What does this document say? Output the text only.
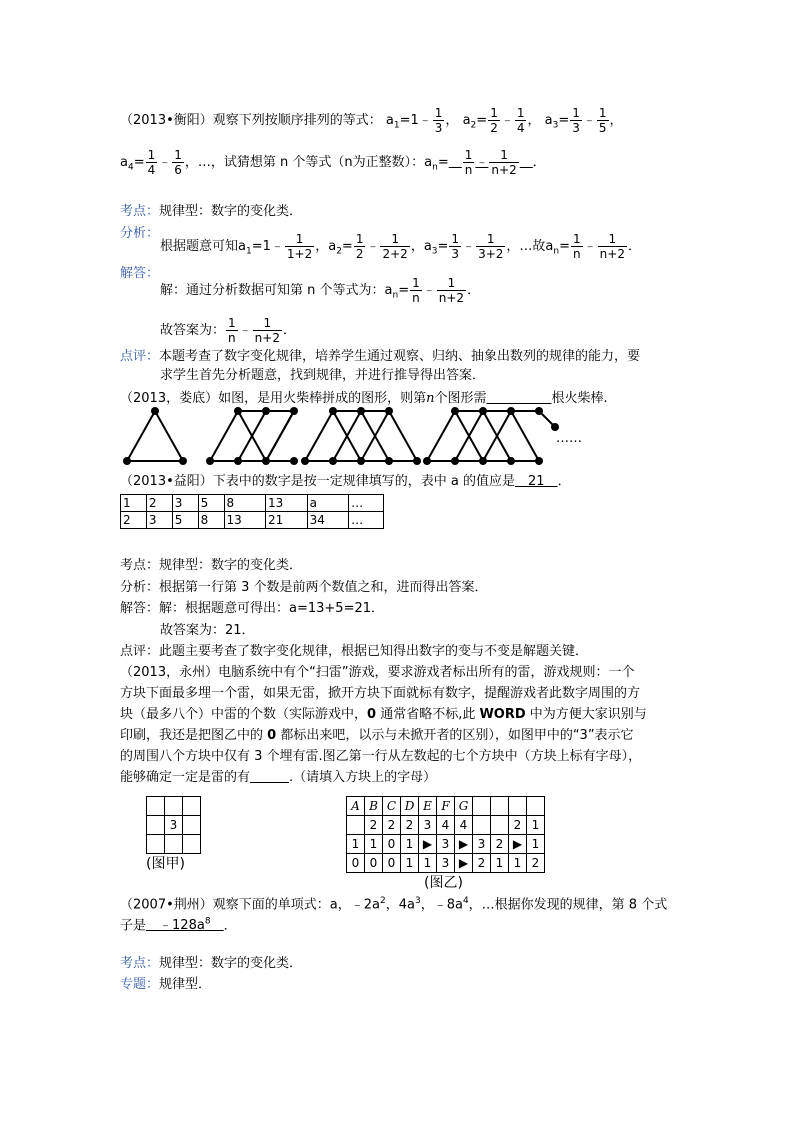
（2013•衡阳）观察下列按顺序排列的等式： $a_1=1﹣ \frac{1}{3}$ ， $a_2= \frac{1}{2}$ ﹣ $\frac{1}{4}$ ， $a_3= \frac{1}{3}$ ﹣ $\frac{1}{5}$ ，
$a_4= \frac{1}{4}$ ﹣ $\frac{1}{6}$ ，…，试猜想第 n 个等式（n为正整数）：$a_n=$　 $\frac{1}{n}$ ﹣ $\frac{1}{n+2}$
　 ．
考点：规律型：数字的变化类．
分析：
根据题意可知$a_1=1﹣ \frac{1}{1+2}$ ，$a_2= \frac{1}{2}$ ﹣ $\frac{1}{2+2}$ ，$a_3= \frac{1}{3}$ ﹣ $\frac{1}{3+2}$ ，…故$a_n= \frac{1}{n}$ ﹣ $\frac{1}{n+2}$ ．
解答：
解：通过分析数据可知第 n 个等式为：$a_n= \frac{1}{n}$ ﹣ $\frac{1}{n+2}$ ．
故答案为： $\frac{1}{n}$ ﹣ $\frac{1}{n+2}$ ．
点评：本题考查了数字变化规律，培养学生通过观察、归纳、抽象出数列的规律的能力，要
求学生首先分析题意，找到规律，并进行推导得出答案．
（2013，娄底）如图，是用火柴棒拼成的图形，则第n个图形需　　　　　	根火柴棒.
……
（2013•益阳）下表中的数字是按一定规律填写的，表中 a 的值应是　 21　 ．
1	2	3	5	8	13	a	…
2	3	5	8	13	21	34	…
考点：规律型：数字的变化类．
分析：根据第一行第 3 个数是前两个数值之和，进而得出答案．
解答：解：根据题意可得出：a=13+5=21．
故答案为：21．
点评：此题主要考查了数字变化规律，根据已知得出数字的变与不变是解题关键．
（2013，永州）电脑系统中有个“扫雷”游戏，要求游戏者标出所有的雷，游戏规则：一个
方块下面最多埋一个雷，如果无雷，掀开方块下面就标有数字，提醒游戏者此数字周围的方
块（最多八个）中雷的个数（实际游戏中，0 通常省略不标,此 WORD 中为方便大家识别与
印刷，我还是把图乙中的 0 都标出来吧，以示与未掀开者的区别），如图甲中的“3”表示它
的周围八个方块中仅有 3 个埋有雷.图乙第一行从左数起的七个方块中（方块上标有字母），
能够确定一定是雷的有　　　	.（请填入方块上的字母）

	3	

(图甲)
A	B	C	D	E	F	G				
	2	2	2	3	4	4			2	1
1	1	0	1	▶	3	▶	3	2	▶	1
0	0	0	1	1	3	▶	2	1	1	2
(图乙)
（2007•荆州）观察下面的单项式：a，$﹣2a^2$，$4a^3$，$﹣8a^4$，…根据你发现的规律，第 8 个式
子是　 $﹣128a^8$　 ．
考点：规律型：数字的变化类．
专题：规律型．
